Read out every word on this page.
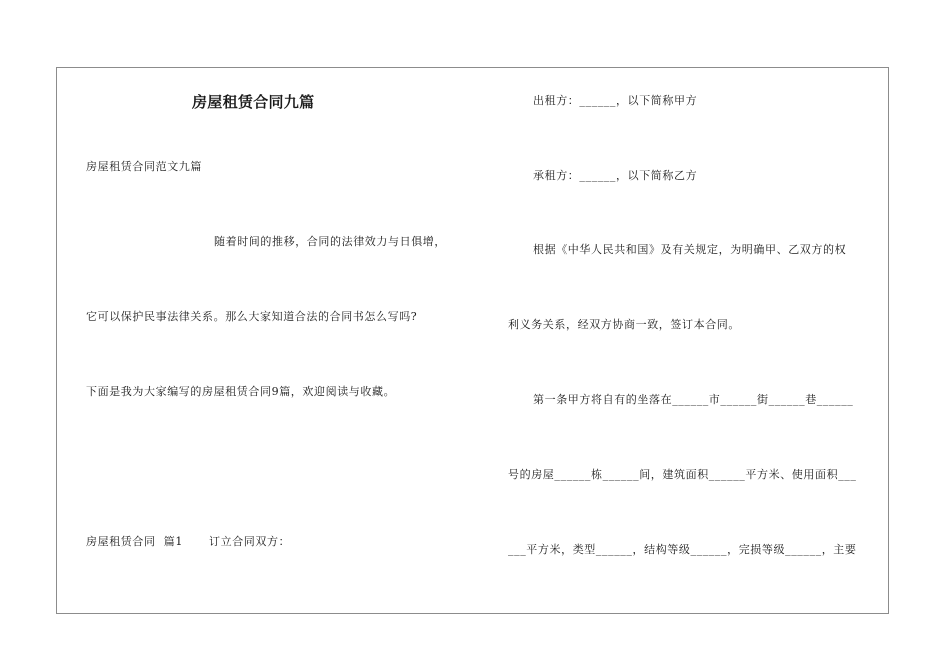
房屋租赁合同九篇
房屋租赁合同范文九篇
随着时间的推移，合同的法律效力与日俱增，
它可以保护民事法律关系。那么大家知道合法的合同书怎么写吗?
下面是我为大家编写的房屋租赁合同9篇，欢迎阅读与收藏。
房屋租赁合同  篇1 订立合同双方：
出租方：______，以下简称甲方
承租方：______，以下简称乙方
根据《中华人民共和国》及有关规定，为明确甲、乙双方的权
利义务关系，经双方协商一致，签订本合同。
第一条甲方将自有的坐落在______市______街______巷______
号的房屋______栋______间，建筑面积______平方米、使用面积___
___平方米，类型______，结构等级______，完损等级______，主要
